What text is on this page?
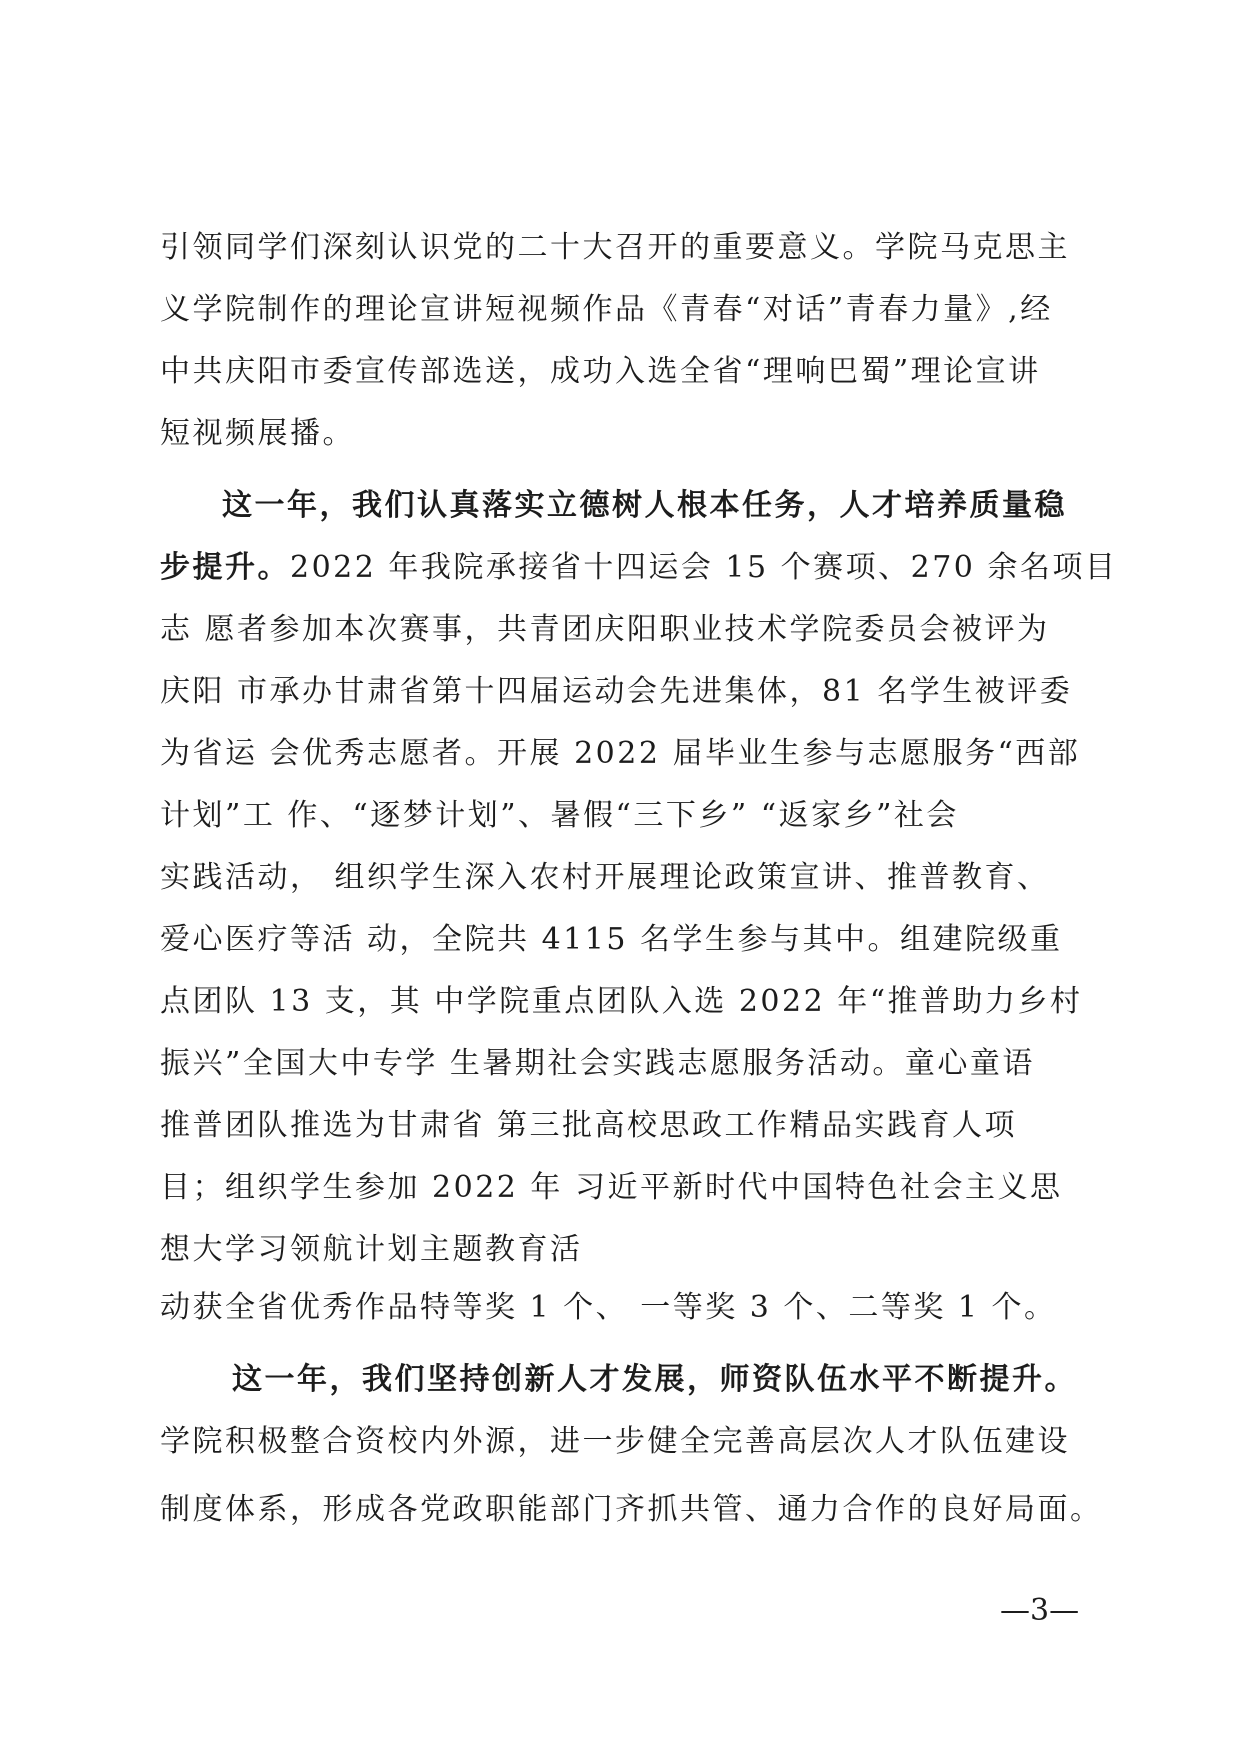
引领同学们深刻认识党的二十大召开的重要意义。学院马克思主

义学院制作的理论宣讲短视频作品《青春“对话”青春力量》,经

中共庆阳市委宣传部选送，成功入选全省“理响巴蜀”理论宣讲

短视频展播。

这一年，我们认真落实立德树人根本任务，人才培养质量稳

步提升。2022 年我院承接省十四运会 15 个赛项、270 余名项目

志 愿者参加本次赛事，共青团庆阳职业技术学院委员会被评为

庆阳 市承办甘肃省第十四届运动会先进集体，81 名学生被评委

为省运 会优秀志愿者。开展 2022 届毕业生参与志愿服务“西部

计划”工 作、“逐梦计划”、暑假“三下乡” “返家乡”社会

实践活动， 组织学生深入农村开展理论政策宣讲、推普教育、

爱心医疗等活 动，全院共 4115 名学生参与其中。组建院级重

点团队 13 支，其 中学院重点团队入选 2022 年“推普助力乡村

振兴”全国大中专学 生暑期社会实践志愿服务活动。童心童语

推普团队推选为甘肃省 第三批高校思政工作精品实践育人项

目；组织学生参加 2022 年 习近平新时代中国特色社会主义思

想大学习领航计划主题教育活

动获全省优秀作品特等奖 1 个、 一等奖 3 个、二等奖 1 个。

这一年，我们坚持创新人才发展，师资队伍水平不断提升。

学院积极整合资校内外源，进一步健全完善高层次人才队伍建设

制度体系，形成各党政职能部门齐抓共管、通力合作的良好局面。

—3—
